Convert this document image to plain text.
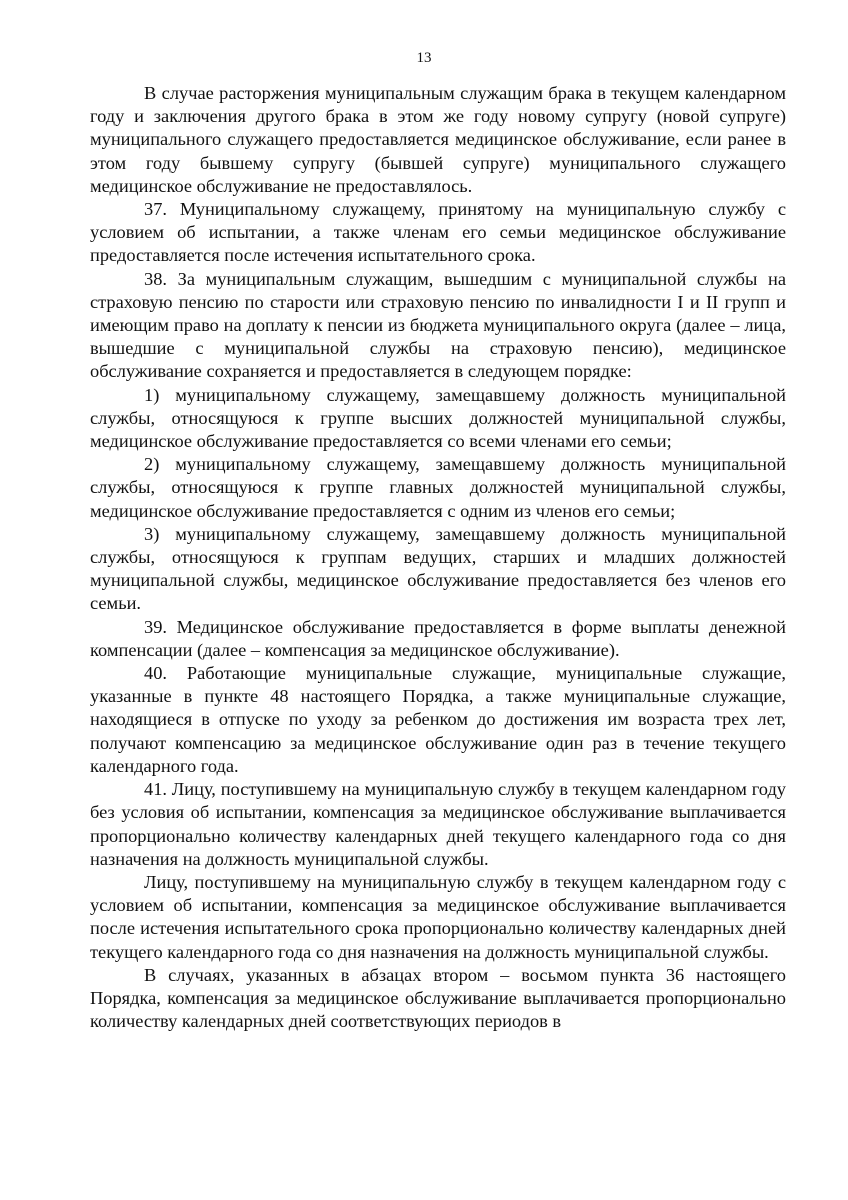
13

В случае расторжения муниципальным служащим брака в текущем календарном году и заключения другого брака в этом же году новому супругу (новой супруге) муниципального служащего предоставляется медицинское обслуживание, если ранее в этом году бывшему супругу (бывшей супруге) муниципального служащего медицинское обслуживание не предоставлялось.

37. Муниципальному служащему, принятому на муниципальную службу с условием об испытании, а также членам его семьи медицинское обслуживание предоставляется после истечения испытательного срока.

38. За муниципальным служащим, вышедшим с муниципальной службы на страховую пенсию по старости или страховую пенсию по инвалидности I и II групп и имеющим право на доплату к пенсии из бюджета муниципального округа (далее – лица, вышедшие с муниципальной службы на страховую пенсию), медицинское обслуживание сохраняется и предоставляется в следующем порядке:

1) муниципальному служащему, замещавшему должность муниципальной службы, относящуюся к группе высших должностей муниципальной службы, медицинское обслуживание предоставляется со всеми членами его семьи;

2) муниципальному служащему, замещавшему должность муниципальной службы, относящуюся к группе главных должностей муниципальной службы, медицинское обслуживание предоставляется с одним из членов его семьи;

3) муниципальному служащему, замещавшему должность муниципальной службы, относящуюся к группам ведущих, старших и младших должностей муниципальной службы, медицинское обслуживание предоставляется без членов его семьи.

39. Медицинское обслуживание предоставляется в форме выплаты денежной компенсации (далее – компенсация за медицинское обслуживание).

40. Работающие муниципальные служащие, муниципальные служащие, указанные в пункте 48 настоящего Порядка, а также муниципальные служащие, находящиеся в отпуске по уходу за ребенком до достижения им возраста трех лет, получают компенсацию за медицинское обслуживание один раз в течение текущего календарного года.

41. Лицу, поступившему на муниципальную службу в текущем календарном году без условия об испытании, компенсация за медицинское обслуживание выплачивается пропорционально количеству календарных дней текущего календарного года со дня назначения на должность муниципальной службы.

Лицу, поступившему на муниципальную службу в текущем календарном году с условием об испытании, компенсация за медицинское обслуживание выплачивается после истечения испытательного срока пропорционально количеству календарных дней текущего календарного года со дня назначения на должность муниципальной службы.

В случаях, указанных в абзацах втором – восьмом пункта 36 настоящего Порядка, компенсация за медицинское обслуживание выплачивается пропорционально количеству календарных дней соответствующих периодов в
